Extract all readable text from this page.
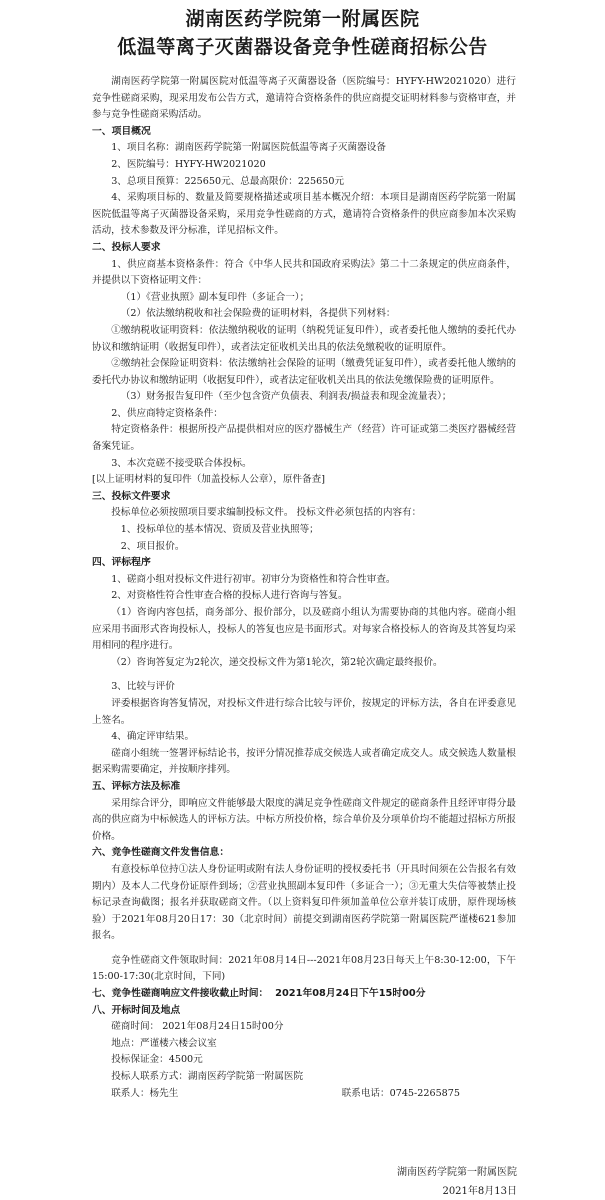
湖南医药学院第一附属医院
低温等离子灭菌器设备竞争性磋商招标公告

湖南医药学院第一附属医院对低温等离子灭菌器设备（医院编号：HYFY-HW2021020）进行竞争性磋商采购，现采用发布公告方式，邀请符合资格条件的供应商提交证明材料参与资格审查，并参与竞争性磋商采购活动。

一、项目概况

1、项目名称：湖南医药学院第一附属医院低温等离子灭菌器设备

2、医院编号：HYFY-HW2021020

3、总项目预算：225650元、总最高限价：225650元

4、采购项目标的、数量及简要规格描述或项目基本概况介绍：本项目是湖南医药学院第一附属医院低温等离子灭菌器设备采购，采用竞争性磋商的方式，邀请符合资格条件的供应商参加本次采购活动，技术参数及评分标准，详见招标文件。

二、投标人要求

1、供应商基本资格条件：符合《中华人民共和国政府采购法》第二十二条规定的供应商条件，并提供以下资格证明文件：

（1）《营业执照》副本复印件（多证合一）；

（2）依法缴纳税收和社会保险费的证明材料，各提供下列材料：

①缴纳税收证明资料：依法缴纳税收的证明（纳税凭证复印件），或者委托他人缴纳的委托代办协议和缴纳证明（收据复印件），或者法定征收机关出具的依法免缴税收的证明原件。

②缴纳社会保险证明资料：依法缴纳社会保险的证明（缴费凭证复印件），或者委托他人缴纳的委托代办协议和缴纳证明（收据复印件），或者法定征收机关出具的依法免缴保险费的证明原件。

（3）财务报告复印件（至少包含资产负债表、利润表/损益表和现金流量表）；

2、供应商特定资格条件：

特定资格条件：根据所投产品提供相对应的医疗器械生产（经营）许可证或第二类医疗器械经营备案凭证。

3、本次竞磋不接受联合体投标。

[以上证明材料的复印件（加盖投标人公章），原件备查]

三、投标文件要求

投标单位必须按照项目要求编制投标文件。 投标文件必须包括的内容有：

1、投标单位的基本情况、资质及营业执照等；

2、项目报价。

四、评标程序

1、磋商小组对投标文件进行初审。初审分为资格性和符合性审查。

2、对资格性符合性审查合格的投标人进行咨询与答复。

（1）咨询内容包括，商务部分、报价部分，以及磋商小组认为需要协商的其他内容。磋商小组应采用书面形式咨询投标人，投标人的答复也应是书面形式。对每家合格投标人的咨询及其答复均采用相同的程序进行。

（2）咨询答复定为2轮次，递交投标文件为第1轮次，第2轮次确定最终报价。

3、比较与评价

评委根据咨询答复情况，对投标文件进行综合比较与评价，按规定的评标方法，各自在评委意见上签名。

4、确定评审结果。

磋商小组统一签署评标结论书，按评分情况推荐成交候选人或者确定成交人。成交候选人数量根据采购需要确定，并按顺序排列。

五、评标方法及标准

采用综合评分，即响应文件能够最大限度的满足竞争性磋商文件规定的磋商条件且经评审得分最高的供应商为中标候选人的评标方法。中标方所投价格，综合单价及分项单价均不能超过招标方所报价格。

六、竞争性磋商文件发售信息：

有意投标单位持①法人身份证明或附有法人身份证明的授权委托书（开具时间须在公告报名有效期内）及本人二代身份证原件到场；②营业执照副本复印件（多证合一）；③无重大失信等被禁止投标记录查询截图；报名并获取磋商文件。（以上资料复印件须加盖单位公章并装订成册，原件现场核验）于2021年08月20日17：30（北京时间）前提交到湖南医药学院第一附属医院严谨楼621参加报名。

竞争性磋商文件领取时间：2021年08月14日---2021年08月23日每天上午8:30-12:00，下午15:00-17:30(北京时间，下同)

七、竞争性磋商响应文件接收截止时间： 2021年08月24日下午15时00分

八、开标时间及地点

磋商时间： 2021年08月24日15时00分

地点：严谨楼六楼会议室

投标保证金：4500元

投标人联系方式：湖南医药学院第一附属医院

联系人：杨先生	联系电话：0745-2265875
湖南医药学院第一附属医院
2021年8月13日
